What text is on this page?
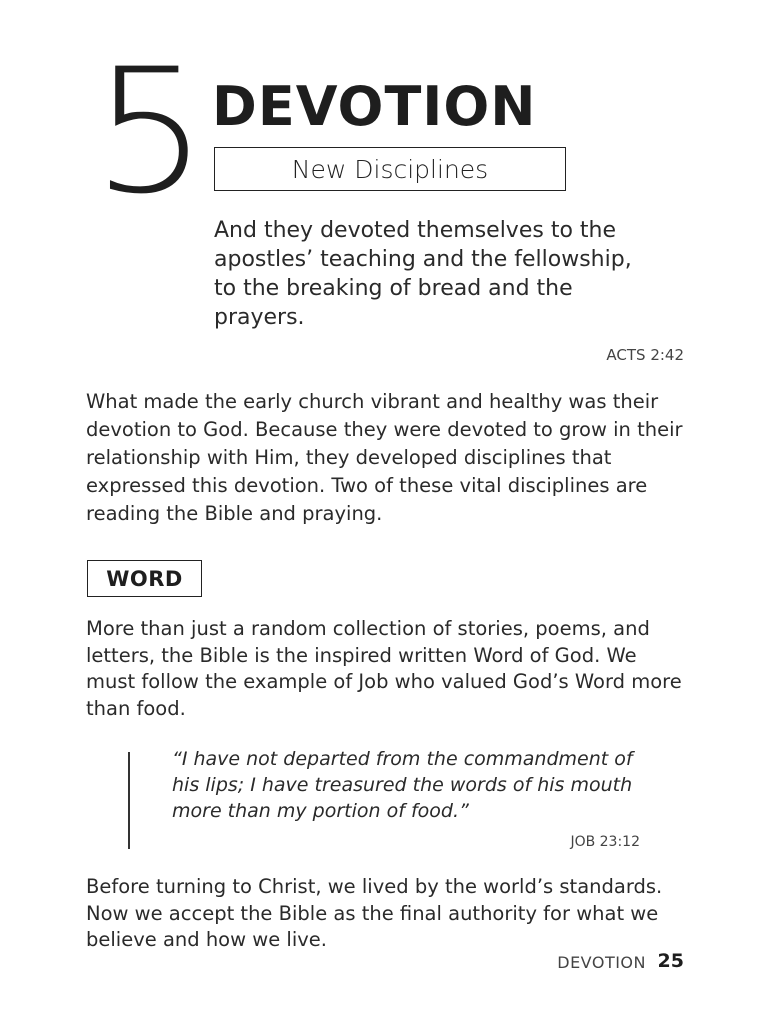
5 DEVOTION
New Disciplines
And they devoted themselves to the apostles’ teaching and the fellowship, to the breaking of bread and the prayers.
ACTS 2:42
What made the early church vibrant and healthy was their devotion to God. Because they were devoted to grow in their relationship with Him, they developed disciplines that expressed this devotion. Two of these vital disciplines are reading the Bible and praying.
WORD
More than just a random collection of stories, poems, and letters, the Bible is the inspired written Word of God. We must follow the example of Job who valued God’s Word more than food.
“I have not departed from the commandment of his lips; I have treasured the words of his mouth more than my portion of food.”
JOB 23:12
Before turning to Christ, we lived by the world’s standards. Now we accept the Bible as the final authority for what we believe and how we live.
DEVOTION 25
